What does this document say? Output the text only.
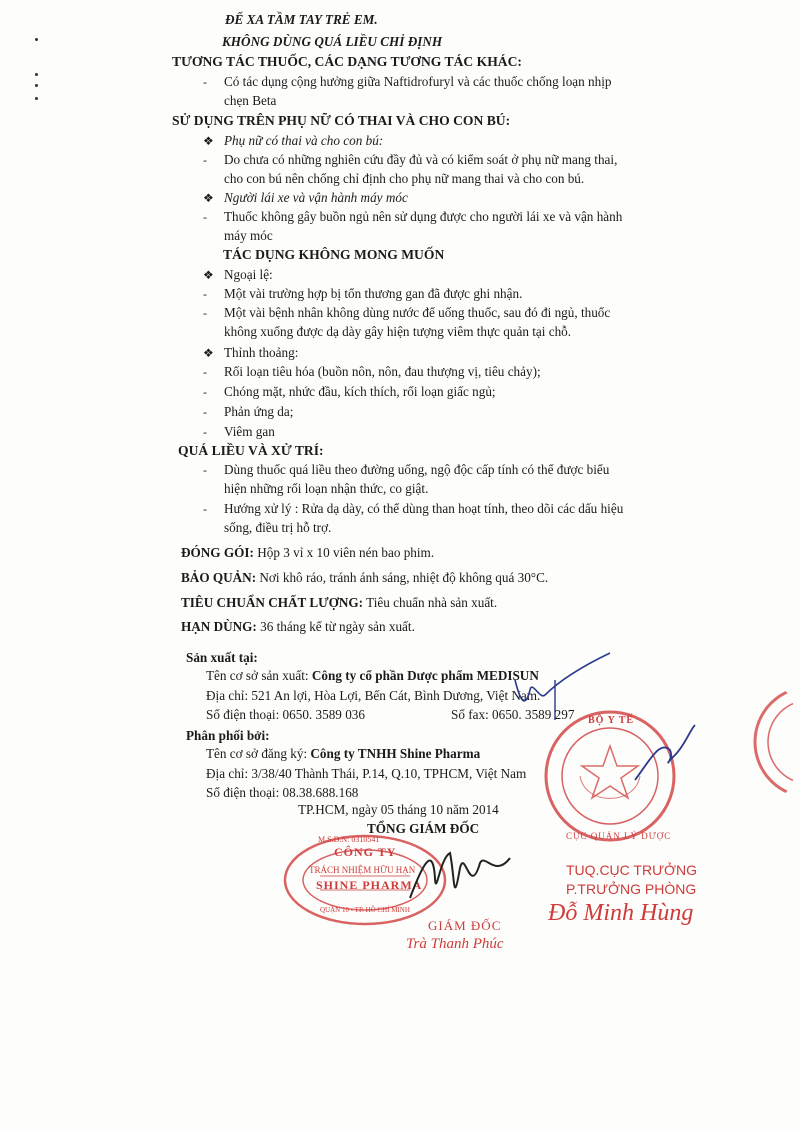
ĐỂ XA TẦM TAY TRẺ EM.
KHÔNG DÙNG QUÁ LIỀU CHỈ ĐỊNH
TƯƠNG TÁC THUỐC, CÁC DẠNG TƯƠNG TÁC KHÁC:
- Có tác dụng cộng hưởng giữa Naftidrofuryl và các thuốc chống loạn nhịp
chẹn Beta
SỬ DỤNG TRÊN PHỤ NỮ CÓ THAI VÀ CHO CON BÚ:
❖ Phụ nữ có thai và cho con bú:
- Do chưa có những nghiên cứu đầy đủ và có kiểm soát ở phụ nữ mang thai,
cho con bú nên chống chỉ định cho phụ nữ mang thai và cho con bú.
❖ Người lái xe và vận hành máy móc
- Thuốc không gây buồn ngủ nên sử dụng được cho người lái xe và vận hành
máy móc
TÁC DỤNG KHÔNG MONG MUỐN
❖ Ngoại lệ:
- Một vài trường hợp bị tổn thương gan đã được ghi nhận.
- Một vài bệnh nhân không dùng nước để uống thuốc, sau đó đi ngủ, thuốc
không xuống được dạ dày gây hiện tượng viêm thực quản tại chỗ.
❖ Thỉnh thoảng:
- Rối loạn tiêu hóa (buồn nôn, nôn, đau thượng vị, tiêu chảy);
- Chóng mặt, nhức đầu, kích thích, rối loạn giấc ngủ;
- Phản ứng da;
- Viêm gan
QUÁ LIỀU VÀ XỬ TRÍ:
- Dùng thuốc quá liều theo đường uống, ngộ độc cấp tính có thể được biểu
hiện những rối loạn nhận thức, co giật.
- Hướng xử lý : Rửa dạ dày, có thể dùng than hoạt tính, theo dõi các dấu hiệu
sống, điều trị hỗ trợ.
ĐÓNG GÓI: Hộp 3 vỉ x 10 viên nén bao phim.
BẢO QUẢN: Nơi khô ráo, tránh ánh sáng, nhiệt độ không quá 30°C.
TIÊU CHUẨN CHẤT LƯỢNG: Tiêu chuẩn nhà sản xuất.
HẠN DÙNG: 36 tháng kể từ ngày sản xuất.
Sản xuất tại:
Tên cơ sở sản xuất: Công ty cổ phần Dược phẩm MEDISUN
Địa chỉ: 521 An lợi, Hòa Lợi, Bến Cát, Bình Dương, Việt Nam.
Số điện thoại: 0650. 3589 036	Số fax: 0650. 3589 297
Phân phối bởi:
Tên cơ sở đăng ký: Công ty TNHH Shine Pharma
Địa chỉ: 3/38/40 Thành Thái, P.14, Q.10, TPHCM, Việt Nam
Số điện thoại: 08.38.688.168
TP.HCM, ngày 05 tháng 10 năm 2014
TỔNG GIÁM ĐỐC
CÔNG TY
TRÁCH NHIỆM HỮU HẠN
SHINE PHARMA
M.S.D.N: 0310541
QUẬN 10 - TP. HỒ CHÍ MINH
GIÁM ĐỐC
Trà Thanh Phúc
BỘ Y TẾ
CỤC QUẢN LÝ DƯỢC
TUQ.CỤC TRƯỞNG
P.TRƯỞNG PHÒNG
Đỗ Minh Hùng
